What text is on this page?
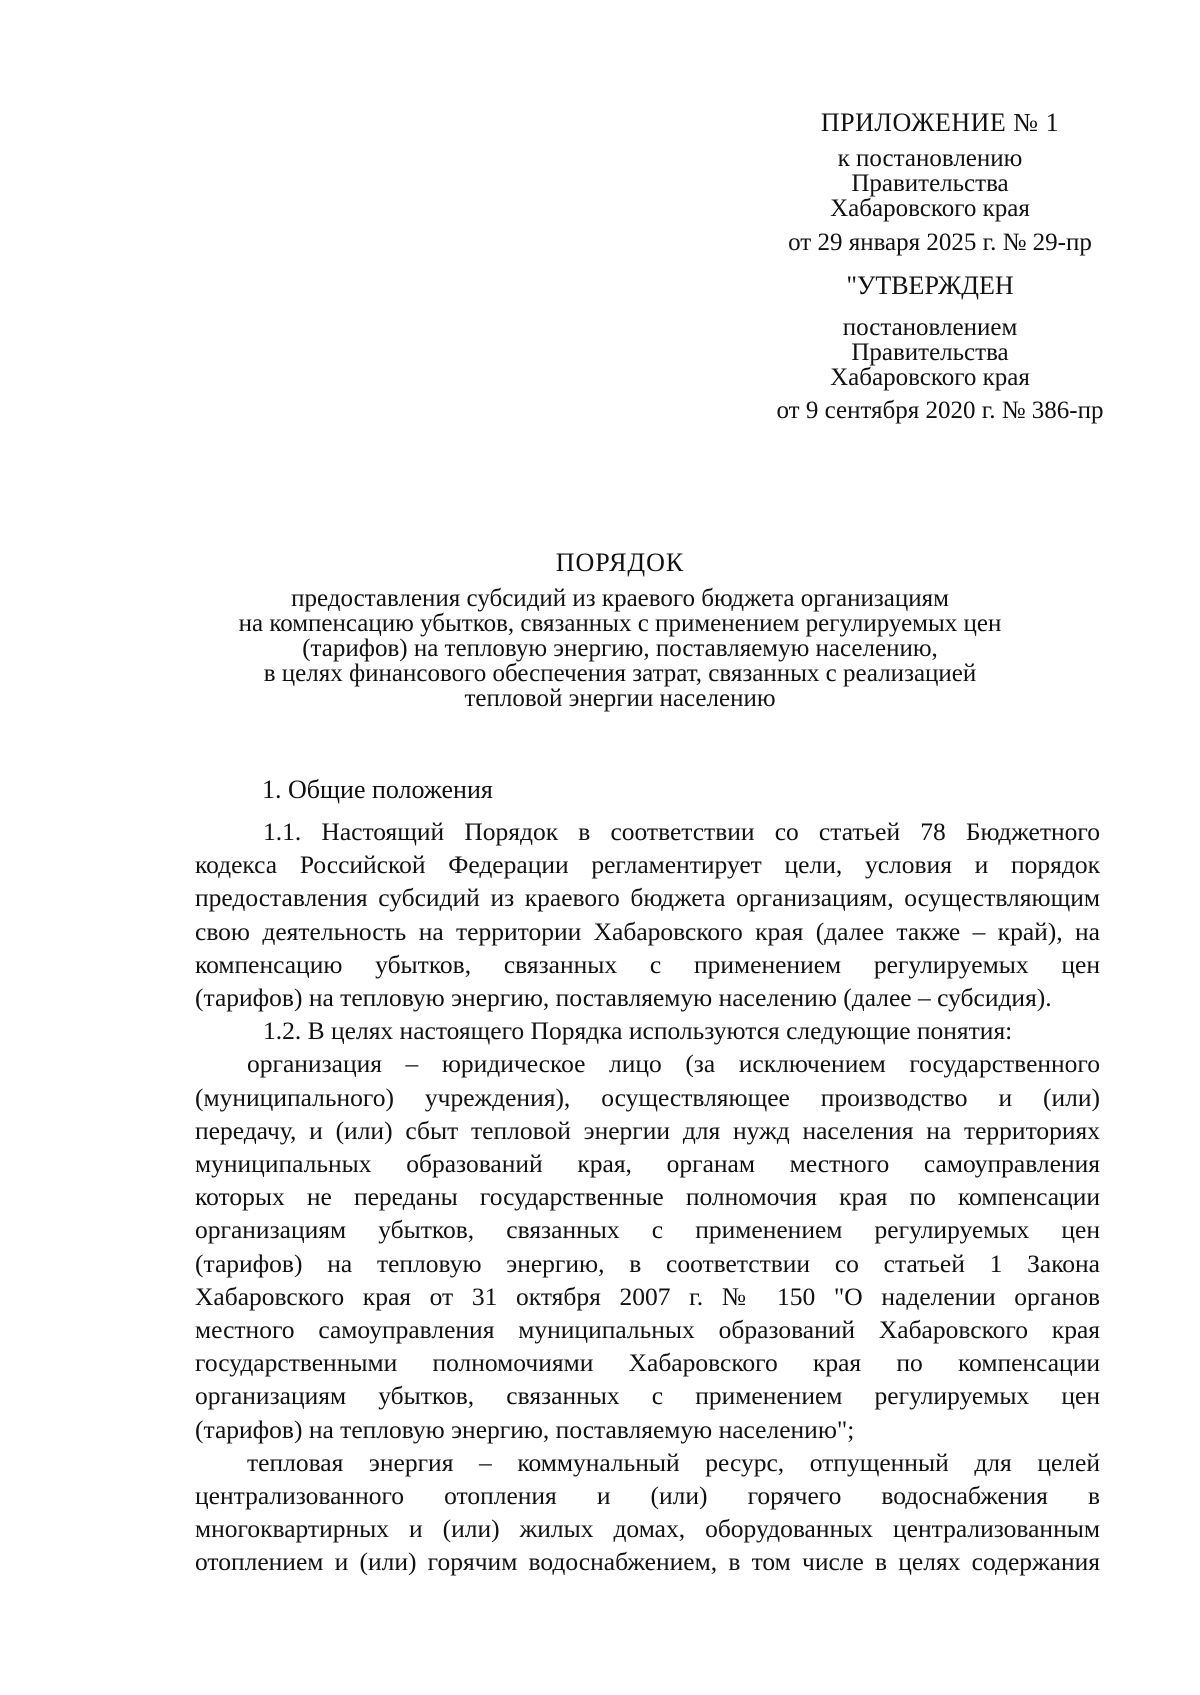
ПРИЛОЖЕНИЕ № 1
к постановлению
Правительства
Хабаровского края
от 29 января 2025 г. № 29-пр
"УТВЕРЖДЕН
постановлением
Правительства
Хабаровского края
от 9 сентября 2020 г. № 386-пр
ПОРЯДОК
предоставления субсидий из краевого бюджета организациям
на компенсацию убытков, связанных с применением регулируемых цен
(тарифов) на тепловую энергию, поставляемую населению,
в целях финансового обеспечения затрат, связанных с реализацией
тепловой энергии населению
1. Общие положения
1.1. Настоящий Порядок в соответствии со статьей 78 Бюджетного
кодекса Российской Федерации регламентирует цели, условия и порядок
предоставления субсидий из краевого бюджета организациям, осуществляющим
свою деятельность на территории Хабаровского края (далее также – край), на
компенсацию убытков, связанных с применением регулируемых цен
(тарифов) на тепловую энергию, поставляемую населению (далее – субсидия).
1.2. В целях настоящего Порядка используются следующие понятия:
организация – юридическое лицо (за исключением государственного
(муниципального) учреждения), осуществляющее производство и (или)
передачу, и (или) сбыт тепловой энергии для нужд населения на территориях
муниципальных образований края, органам местного самоуправления
которых не переданы государственные полномочия края по компенсации
организациям убытков, связанных с применением регулируемых цен
(тарифов) на тепловую энергию, в соответствии со статьей 1 Закона
Хабаровского края от 31 октября 2007 г. № 150 "О наделении органов
местного самоуправления муниципальных образований Хабаровского края
государственными полномочиями Хабаровского края по компенсации
организациям убытков, связанных с применением регулируемых цен
(тарифов) на тепловую энергию, поставляемую населению";
тепловая энергия – коммунальный ресурс, отпущенный для целей
централизованного отопления и (или) горячего водоснабжения в
многоквартирных и (или) жилых домах, оборудованных централизованным
отоплением и (или) горячим водоснабжением, в том числе в целях содержания
